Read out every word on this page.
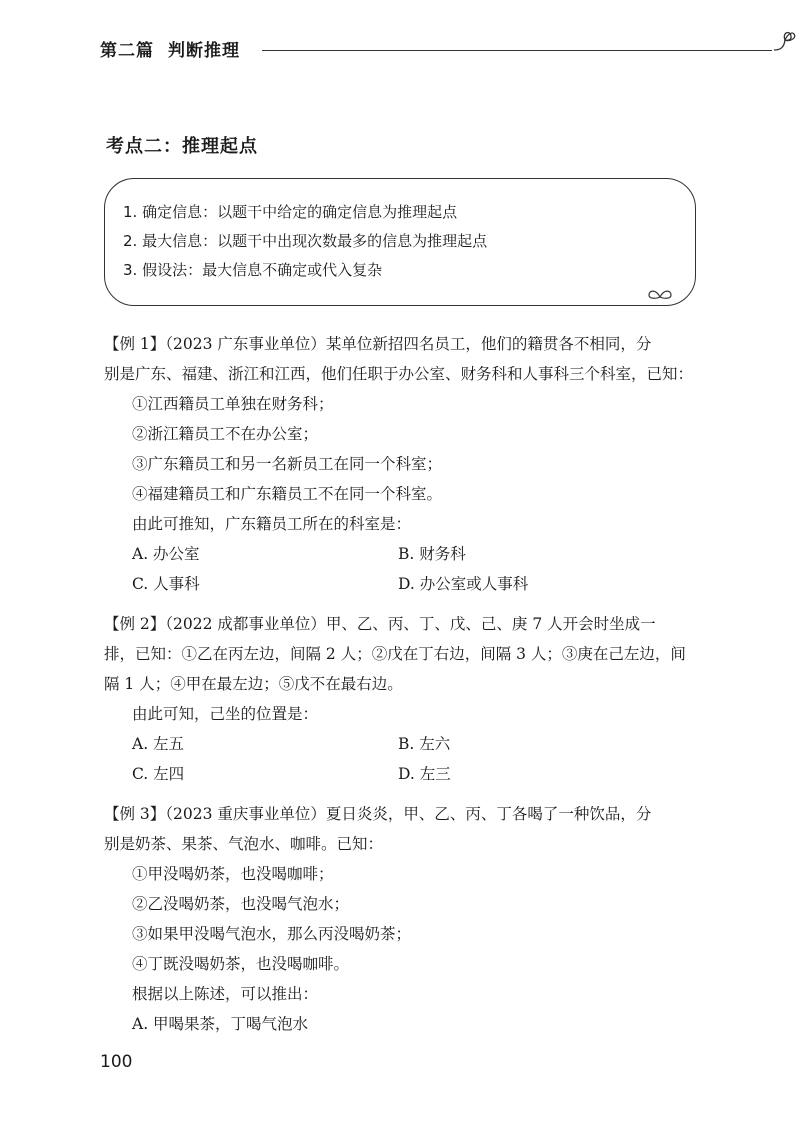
第二篇 判断推理
考点二：推理起点
1. 确定信息：以题干中给定的确定信息为推理起点
2. 最大信息：以题干中出现次数最多的信息为推理起点
3. 假设法：最大信息不确定或代入复杂
【例 1】（2023 广东事业单位）某单位新招四名员工，他们的籍贯各不相同，分
别是广东、福建、浙江和江西，他们任职于办公室、财务科和人事科三个科室，已知：
①江西籍员工单独在财务科；
②浙江籍员工不在办公室；
③广东籍员工和另一名新员工在同一个科室；
④福建籍员工和广东籍员工不在同一个科室。
由此可推知，广东籍员工所在的科室是：
A. 办公室	B. 财务科
C. 人事科	D. 办公室或人事科
【例 2】（2022 成都事业单位）甲、乙、丙、丁、戊、己、庚 7 人开会时坐成一
排，已知：①乙在丙左边，间隔 2 人；②戊在丁右边，间隔 3 人；③庚在己左边，间
隔 1 人；④甲在最左边；⑤戊不在最右边。
由此可知，己坐的位置是：
A. 左五	B. 左六
C. 左四	D. 左三
【例 3】（2023 重庆事业单位）夏日炎炎，甲、乙、丙、丁各喝了一种饮品，分
别是奶茶、果茶、气泡水、咖啡。已知：
①甲没喝奶茶，也没喝咖啡；
②乙没喝奶茶，也没喝气泡水；
③如果甲没喝气泡水，那么丙没喝奶茶；
④丁既没喝奶茶，也没喝咖啡。
根据以上陈述，可以推出：
A. 甲喝果茶，丁喝气泡水
100
